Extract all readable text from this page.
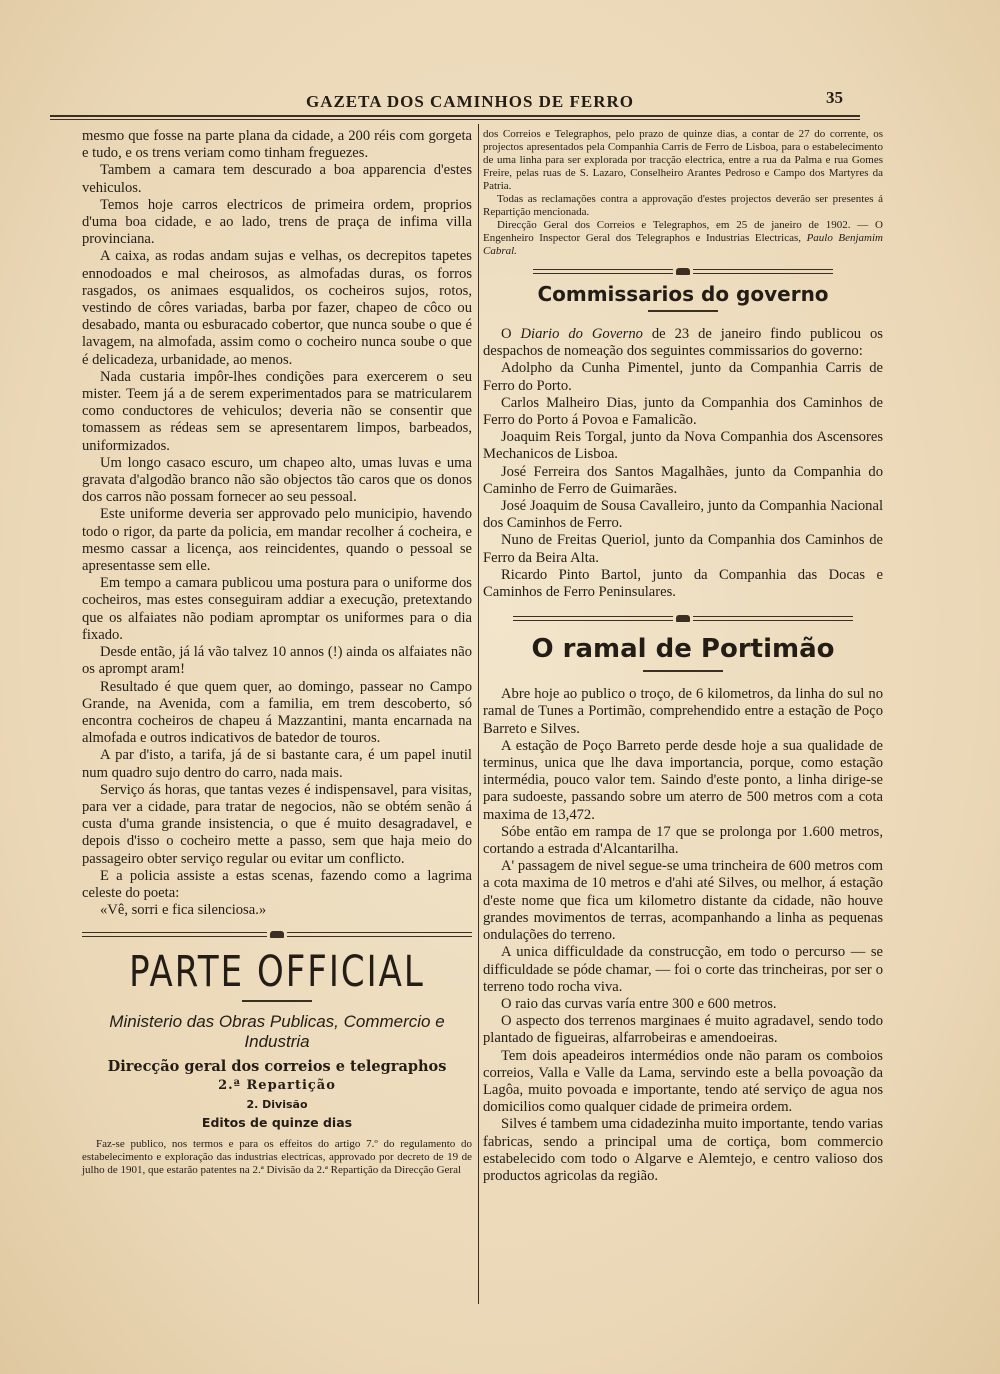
GAZETA DOS CAMINHOS DE FERRO	35

mesmo que fosse na parte plana da cidade, a 200 réis com gorgeta e tudo, e os trens veriam como tinham freguezes.

Tambem a camara tem descurado a boa apparencia d'estes vehiculos.

Temos hoje carros electricos de primeira ordem, proprios d'uma boa cidade, e ao lado, trens de praça de infima villa provinciana.

A caixa, as rodas andam sujas e velhas, os decrepitos tapetes ennodoados e mal cheirosos, as almofadas duras, os forros rasgados, os animaes esqualidos, os cocheiros sujos, rotos, vestindo de côres variadas, barba por fazer, chapeo de côco ou desabado, manta ou esburacado cobertor, que nunca soube o que é lavagem, na almofada, assim como o cocheiro nunca soube o que é delicadeza, urbanidade, ao menos.

Nada custaria impôr-lhes condições para exercerem o seu mister. Teem já a de serem experimentados para se matricularem como conductores de vehiculos; deveria não se consentir que tomassem as rédeas sem se apresentarem limpos, barbeados, uniformizados.

Um longo casaco escuro, um chapeo alto, umas luvas e uma gravata d'algodão branco não são objectos tão caros que os donos dos carros não possam fornecer ao seu pessoal.

Este uniforme deveria ser approvado pelo municipio, havendo todo o rigor, da parte da policia, em mandar recolher á cocheira, e mesmo cassar a licença, aos reincidentes, quando o pessoal se apresentasse sem elle.

Em tempo a camara publicou uma postura para o uniforme dos cocheiros, mas estes conseguiram addiar a execução, pretextando que os alfaiates não podiam apromptar os uniformes para o dia fixado.

Desde então, já lá vão talvez 10 annos (!) ainda os alfaiates não os aprompt aram!

Resultado é que quem quer, ao domingo, passear no Campo Grande, na Avenida, com a familia, em trem descoberto, só encontra cocheiros de chapeu á Mazzantini, manta encarnada na almofada e outros indicativos de batedor de touros.

A par d'isto, a tarifa, já de si bastante cara, é um papel inutil num quadro sujo dentro do carro, nada mais.

Serviço ás horas, que tantas vezes é indispensavel, para visitas, para ver a cidade, para tratar de negocios, não se obtém senão á custa d'uma grande insistencia, o que é muito desagradavel, e depois d'isso o cocheiro mette a passo, sem que haja meio do passageiro obter serviço regular ou evitar um conflicto.

E a policia assiste a estas scenas, fazendo como a lagrima celeste do poeta:

«Vê, sorri e fica silenciosa.»

PARTE OFFICIAL
Ministerio das Obras Publicas, Commercio e Industria
Direcção geral dos correios e telegraphos
2.ª Repartição
2. Divisão
Editos de quinze dias

Faz-se publico, nos termos e para os effeitos do artigo 7.º do regulamento do estabelecimento e exploração das industrias electricas, approvado por decreto de 19 de julho de 1901, que estarão patentes na 2.ª Divisão da 2.ª Repartição da Direcção Geral

dos Correios e Telegraphos, pelo prazo de quinze dias, a contar de 27 do corrente, os projectos apresentados pela Companhia Carris de Ferro de Lisboa, para o estabelecimento de uma linha para ser explorada por tracção electrica, entre a rua da Palma e rua Gomes Freire, pelas ruas de S. Lazaro, Conselheiro Arantes Pedroso e Campo dos Martyres da Patria.

Todas as reclamações contra a approvação d'estes projectos deverão ser presentes á Repartição mencionada.

Direcção Geral dos Correios e Telegraphos, em 25 de janeiro de 1902. — O Engenheiro Inspector Geral dos Telegraphos e Industrias Electricas, Paulo Benjamim Cabral.

Commissarios do governo

O Diario do Governo de 23 de janeiro findo publicou os despachos de nomeação dos seguintes commissarios do governo:

Adolpho da Cunha Pimentel, junto da Companhia Carris de Ferro do Porto.

Carlos Malheiro Dias, junto da Companhia dos Caminhos de Ferro do Porto á Povoa e Famalicão.

Joaquim Reis Torgal, junto da Nova Companhia dos Ascensores Mechanicos de Lisboa.

José Ferreira dos Santos Magalhães, junto da Companhia do Caminho de Ferro de Guimarães.

José Joaquim de Sousa Cavalleiro, junto da Companhia Nacional dos Caminhos de Ferro.

Nuno de Freitas Queriol, junto da Companhia dos Caminhos de Ferro da Beira Alta.

Ricardo Pinto Bartol, junto da Companhia das Docas e Caminhos de Ferro Peninsulares.

O ramal de Portimão

Abre hoje ao publico o troço, de 6 kilometros, da linha do sul no ramal de Tunes a Portimão, comprehendido entre a estação de Poço Barreto e Silves.

A estação de Poço Barreto perde desde hoje a sua qualidade de terminus, unica que lhe dava importancia, porque, como estação intermédia, pouco valor tem. Saindo d'este ponto, a linha dirige-se para sudoeste, passando sobre um aterro de 500 metros com a cota maxima de 13,472.

Sóbe então em rampa de 17 que se prolonga por 1.600 metros, cortando a estrada d'Alcantarilha.

A' passagem de nivel segue-se uma trincheira de 600 metros com a cota maxima de 10 metros e d'ahi até Silves, ou melhor, á estação d'este nome que fica um kilometro distante da cidade, não houve grandes movimentos de terras, acompanhando a linha as pequenas ondulações do terreno.

A unica difficuldade da construcção, em todo o percurso — se difficuldade se póde chamar, — foi o corte das trincheiras, por ser o terreno todo rocha viva.

O raio das curvas varía entre 300 e 600 metros.

O aspecto dos terrenos marginaes é muito agradavel, sendo todo plantado de figueiras, alfarrobeiras e amendoeiras.

Tem dois apeadeiros intermédios onde não param os comboios correios, Valla e Valle da Lama, servindo este a bella povoação da Lagôa, muito povoada e importante, tendo até serviço de agua nos domicilios como qualquer cidade de primeira ordem.

Silves é tambem uma cidadezinha muito importante, tendo varias fabricas, sendo a principal uma de cortiça, bom commercio estabelecido com todo o Algarve e Alemtejo, e centro valioso dos productos agricolas da região.
